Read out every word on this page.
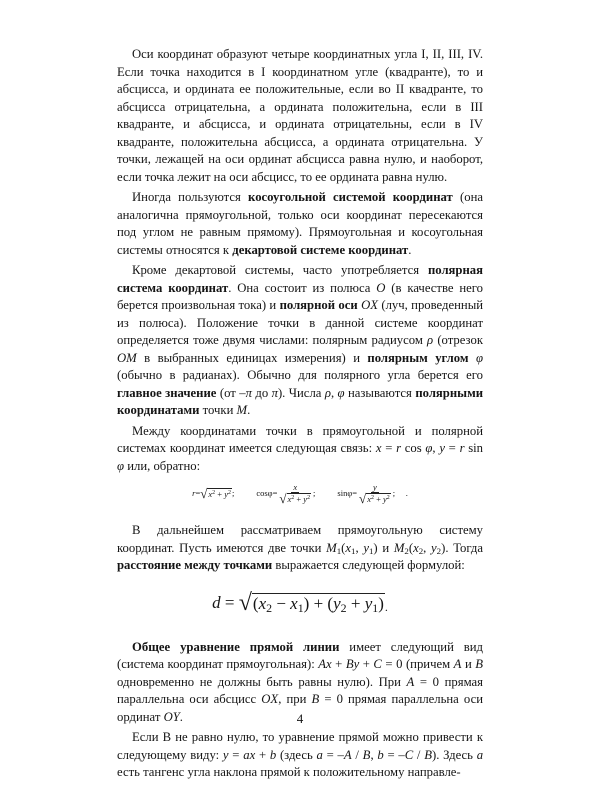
Оси координат образуют четыре координатных угла I, II, III, IV. Если точка находится в I координатном угле (квадранте), то и абсцисса, и ордината ее положительные, если во II квадранте, то абсцисса отрицательна, а ордината положительна, если в III квадранте, и абсцисса, и ордината отрицательны, если в IV квадранте, положительна абсцисса, а ордината отрицательна. У точки, лежащей на оси ординат абсцисса равна нулю, и наоборот, если точка лежит на оси абсцисс, то ее ордината равна нулю.

Иногда пользуются косоугольной системой координат (она аналогична прямоугольной, только оси координат пересекаются под углом не равным прямому). Прямоугольная и косоугольная системы относятся к декартовой системе координат.

Кроме декартовой системы, часто употребляется полярная система координат. Она состоит из полюса O (в качестве него берется произвольная тока) и полярной оси OX (луч, проведенный из полюса). Положение точки в данной системе координат определяется тоже двумя числами: полярным радиусом ρ (отрезок OM в выбранных единицах измерения) и полярным углом φ (обычно в радианах). Обычно для полярного угла берется его главное значение (от –π до π). Числа ρ, φ называются полярными координатами точки M.

Между координатами точки в прямоугольной и полярной системах координат имеется следующая связь: x = r cos φ, y = r sin φ или, обратно:

r = √ $x^2 + y^2$ ;	$\cos \varphi = \frac{x}{√ x^2 + y^2}$ ;	$\sin \varphi = \frac{y}{√ x^2 + y^2}$ ;     .

В дальнейшем рассматриваем прямоугольную систему координат. Пусть имеются две точки $M_1(x_1$, $y_1$) и $M_2(x_2$, $y_2$). Тогда расстояние между точками выражается следующей формулой:

d = √ $(x_2 - x_1) + (y_2 + y_1)$ .

Общее уравнение прямой линии имеет следующий вид (система координат прямоугольная): Ax + By + C = 0 (причем A и B одновременно не должны быть равны нулю). При A = 0 прямая параллельна оси абсцисс OX, при B = 0 прямая параллельна оси ординат OY.

Если B не равно нулю, то уравнение прямой можно привести к следующему виду: y = ax + b (здесь a = –A / B, b = –C / B). Здесь a есть тангенс угла наклона прямой к положительному направле-

4
